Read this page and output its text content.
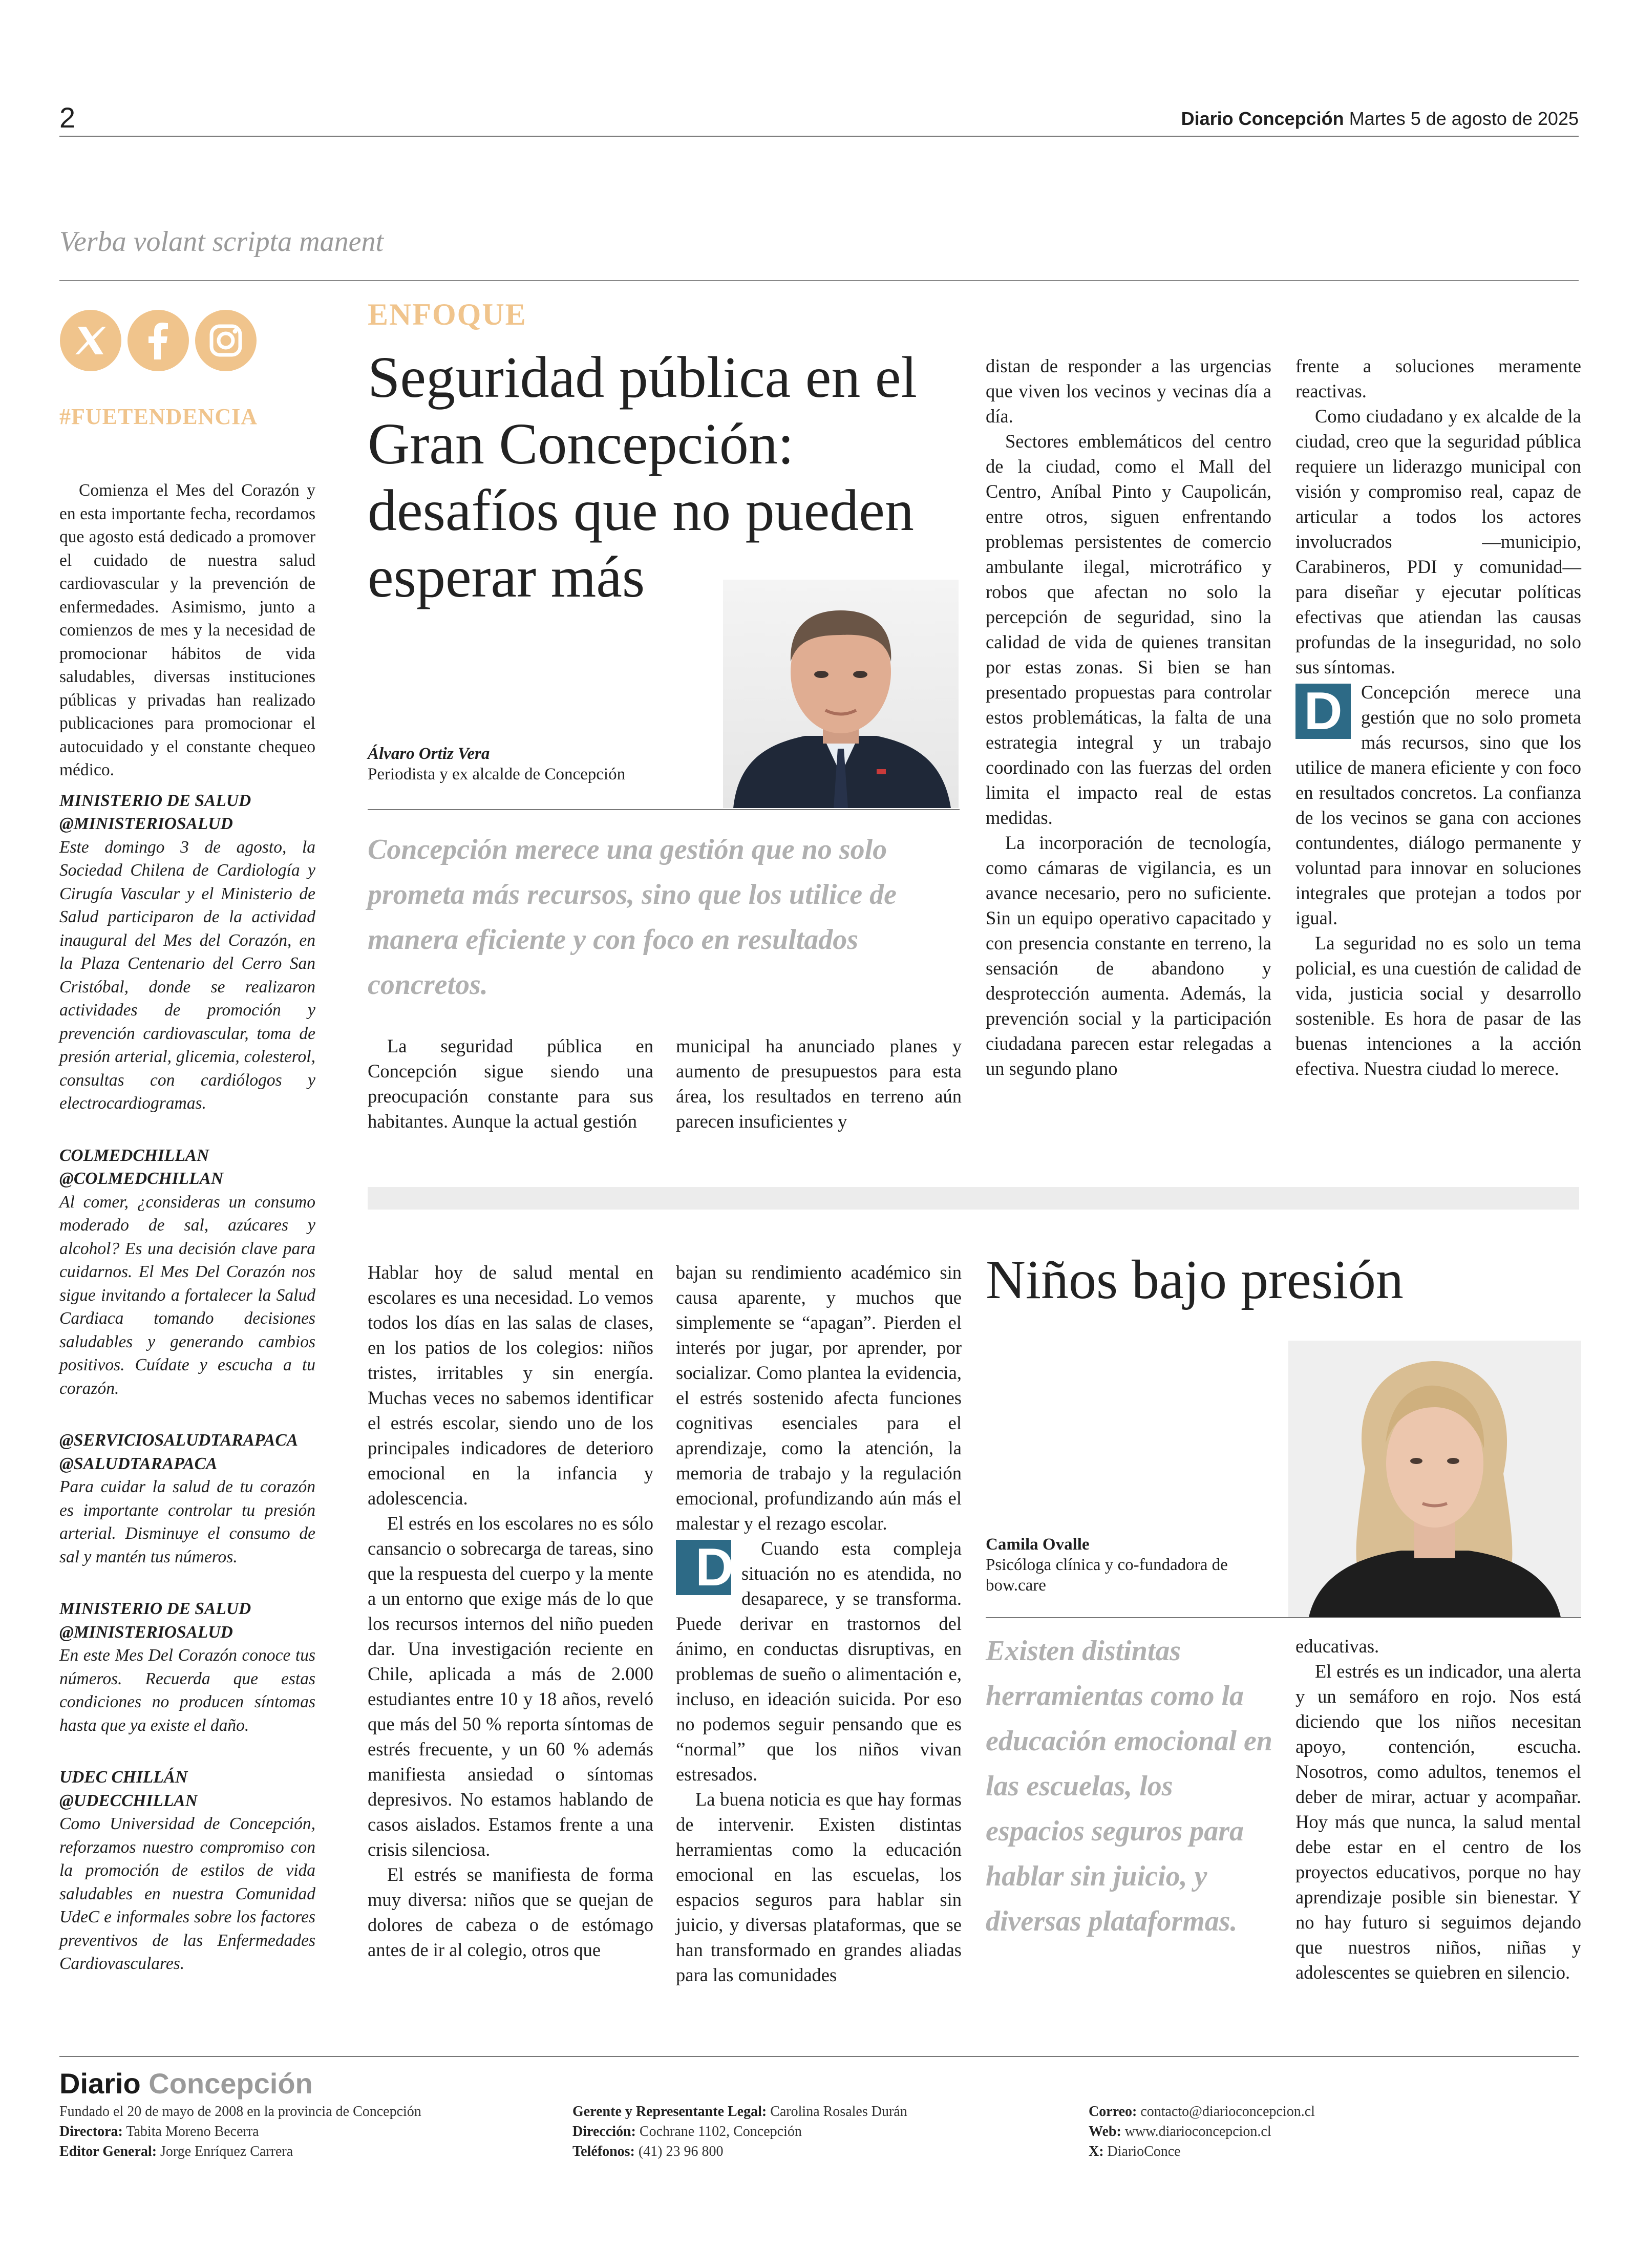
2	Diario Concepción Martes 5 de agosto de 2025
Verba volant scripta manent
#FUETENDENCIA

Comienza el Mes del Corazón y en esta importante fecha, recordamos que agosto está dedicado a promover el cuidado de nuestra salud cardiovascular y la prevención de enfermedades. Asimismo, junto a comienzos de mes y la necesidad de promocionar hábitos de vida saludables, diversas instituciones públicas y privadas han realizado publicaciones para promocionar el autocuidado y el constante chequeo médico.

MINISTERIO DE SALUD
@MINISTERIOSALUD
Este domingo 3 de agosto, la Sociedad Chilena de Cardiología y Cirugía Vascular y el Ministerio de Salud participaron de la actividad inaugural del Mes del Corazón, en la Plaza Centenario del Cerro San Cristóbal, donde se realizaron actividades de promoción y prevención cardiovascular, toma de presión arterial, glicemia, colesterol, consultas con cardiólogos y electrocardiogramas.
COLMEDCHILLAN
@COLMEDCHILLAN
Al comer, ¿consideras un consumo moderado de sal, azúcares y alcohol? Es una decisión clave para cuidarnos. El Mes Del Corazón nos sigue invitando a fortalecer la Salud Cardiaca tomando decisiones saludables y generando cambios positivos. Cuídate y escucha a tu corazón.
@SERVICIOSALUDTARAPACA
@SALUDTARAPACA
Para cuidar la salud de tu corazón es importante controlar tu presión arterial. Disminuye el consumo de sal y mantén tus números.
MINISTERIO DE SALUD
@MINISTERIOSALUD
En este Mes Del Corazón conoce tus números. Recuerda que estas condiciones no producen síntomas hasta que ya existe el daño.
UDEC CHILLÁN
@UDECCHILLAN
Como Universidad de Concepción, reforzamos nuestro compromiso con la promoción de estilos de vida saludables en nuestra Comunidad UdeC e informales sobre los factores preventivos de las Enfermedades Cardiovasculares.
ENFOQUE
Seguridad pública en el Gran Concepción: desafíos que no pueden esperar más
Álvaro Ortiz Vera
Periodista y ex alcalde de Concepción
Concepción merece una gestión que no solo prometa más recursos, sino que los utilice de manera eficiente y con foco en resultados concretos.

La seguridad pública en Concepción sigue siendo una preocupación constante para sus habitantes. Aunque la actual gestión

municipal ha anunciado planes y aumento de presupuestos para esta área, los resultados en terreno aún parecen insuficientes y

distan de responder a las urgencias que viven los vecinos y vecinas día a día.

Sectores emblemáticos del centro de la ciudad, como el Mall del Centro, Aníbal Pinto y Caupolicán, entre otros, siguen enfrentando problemas persistentes de comercio ambulante ilegal, microtráfico y robos que afectan no solo la percepción de seguridad, sino la calidad de vida de quienes transitan por estas zonas. Si bien se han presentado propuestas para controlar estos problemáticas, la falta de una estrategia integral y un trabajo coordinado con las fuerzas del orden limita el impacto real de estas medidas.

La incorporación de tecnología, como cámaras de vigilancia, es un avance necesario, pero no suficiente. Sin un equipo operativo capacitado y con presencia constante en terreno, la sensación de abandono y desprotección aumenta. Además, la prevención social y la participación ciudadana parecen estar relegadas a un segundo plano

frente a soluciones meramente reactivas.

Como ciudadano y ex alcalde de la ciudad, creo que la seguridad pública requiere un liderazgo municipal con visión y compromiso real, capaz de articular a todos los actores involucrados —municipio, Carabineros, PDI y comunidad— para diseñar y ejecutar políticas efectivas que atiendan las causas profundas de la inseguridad, no solo sus síntomas.

D Concepción merece una gestión que no solo prometa más recursos, sino que los utilice de manera eficiente y con foco en resultados concretos. La confianza de los vecinos se gana con acciones contundentes, diálogo permanente y voluntad para innovar en soluciones integrales que protejan a todos por igual.

La seguridad no es solo un tema policial, es una cuestión de calidad de vida, justicia social y desarrollo sostenible. Es hora de pasar de las buenas intenciones a la acción efectiva. Nuestra ciudad lo merece.

Hablar hoy de salud mental en escolares es una necesidad. Lo vemos todos los días en las salas de clases, en los patios de los colegios: niños tristes, irritables y sin energía. Muchas veces no sabemos identificar el estrés escolar, siendo uno de los principales indicadores de deterioro emocional en la infancia y adolescencia.

El estrés en los escolares no es sólo cansancio o sobrecarga de tareas, sino que la respuesta del cuerpo y la mente a un entorno que exige más de lo que los recursos internos del niño pueden dar. Una investigación reciente en Chile, aplicada a más de 2.000 estudiantes entre 10 y 18 años, reveló que más del 50 % reporta síntomas de estrés frecuente, y un 60 % además manifiesta ansiedad o síntomas depresivos. No estamos hablando de casos aislados. Estamos frente a una crisis silenciosa.

El estrés se manifiesta de forma muy diversa: niños que se quejan de dolores de cabeza o de estómago antes de ir al colegio, otros que

bajan su rendimiento académico sin causa aparente, y muchos que simplemente se “apagan”. Pierden el interés por jugar, por aprender, por socializar. Como plantea la evidencia, el estrés sostenido afecta funciones cognitivas esenciales para el aprendizaje, como la atención, la memoria de trabajo y la regulación emocional, profundizando aún más el malestar y el rezago escolar.

D Cuando esta compleja situación no es atendida, no desaparece, y se transforma. Puede derivar en trastornos del ánimo, en conductas disruptivas, en problemas de sueño o alimentación e, incluso, en ideación suicida. Por eso no podemos seguir pensando que es “normal” que los niños vivan estresados.

La buena noticia es que hay formas de intervenir. Existen distintas herramientas como la educación emocional en las escuelas, los espacios seguros para hablar sin juicio, y diversas plataformas, que se han transformado en grandes aliadas para las comunidades

Niños bajo presión
Camila Ovalle
Psicóloga clínica y co-fundadora de bow.care
Existen distintas herramientas como la educación emocional en las escuelas, los espacios seguros para hablar sin juicio, y diversas plataformas.

educativas.

El estrés es un indicador, una alerta y un semáforo en rojo. Nos está diciendo que los niños necesitan apoyo, contención, escucha. Nosotros, como adultos, tenemos el deber de mirar, actuar y acompañar. Hoy más que nunca, la salud mental debe estar en el centro de los proyectos educativos, porque no hay aprendizaje posible sin bienestar. Y no hay futuro si seguimos dejando que nuestros niños, niñas y adolescentes se quiebren en silencio.

Diario Concepción
Fundado el 20 de mayo de 2008 en la provincia de Concepción
Directora: Tabita Moreno Becerra
Editor General: Jorge Enríquez Carrera
Gerente y Representante Legal: Carolina Rosales Durán
Dirección: Cochrane 1102, Concepción
Teléfonos: (41) 23 96 800
Correo: contacto@diarioconcepcion.cl
Web: www.diarioconcepcion.cl
X: DiarioConce
